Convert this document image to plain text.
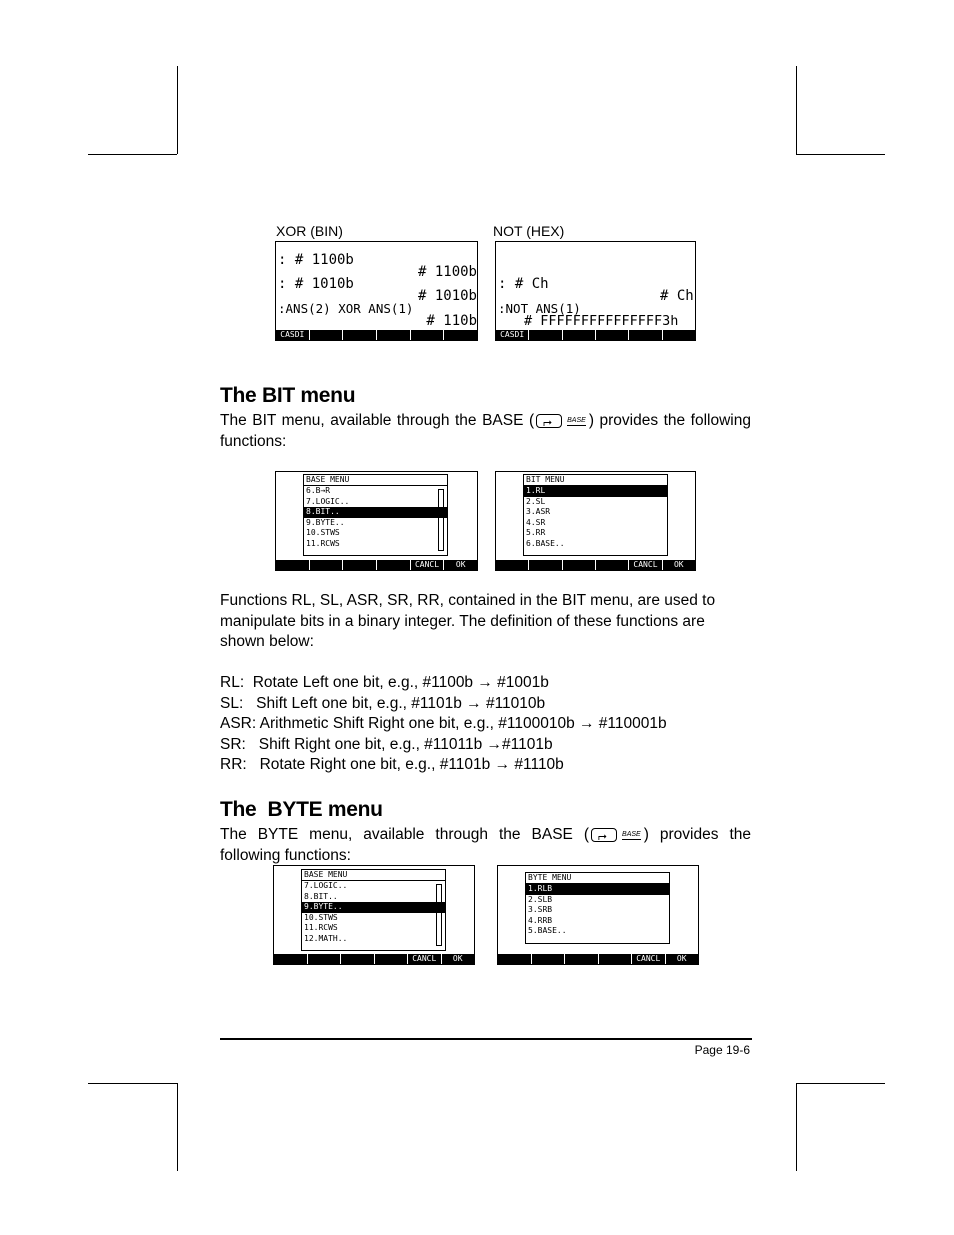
XOR (BIN)
: # 1100b
# 1100b
: # 1010b
# 1010b
:ANS(2) XOR ANS(1)
# 110b
CASDI
NOT (HEX)
: # Ch
# Ch
:NOT ANS(1)
# FFFFFFFFFFFFFFF3h
CASDI
The BIT menu
The BIT menu, available through the BASE ( ⮣	BASE ) provides the following functions:
BASE MENU
6.B→R
7.LOGIC..
8.BIT..
9.BYTE..
10.STWS
11.RCWS
CANCL	OK
BIT MENU
1.RL
2.SL
3.ASR
4.SR
5.RR
6.BASE..
CANCL	OK
Functions RL, SL, ASR, SR, RR, contained in the BIT menu, are used to manipulate bits in a binary integer. The definition of these functions are shown below:
RL:  Rotate Left one bit, e.g., #1100b → #1001b
SL:   Shift Left one bit, e.g., #1101b → #11010b
ASR: Arithmetic Shift Right one bit, e.g., #1100010b → #110001b
SR:   Shift Right one bit, e.g., #11011b →#1101b
RR:   Rotate Right one bit, e.g., #1101b → #1110b
The  BYTE menu
The BYTE menu, available through the BASE ( ⮣	BASE ) provides the following functions:
BASE MENU
7.LOGIC..
8.BIT..
9.BYTE..
10.STWS
11.RCWS
12.MATH..
CANCL	OK
BYTE MENU
1.RLB
2.SLB
3.SRB
4.RRB
5.BASE..
CANCL	OK
Page 19-6
